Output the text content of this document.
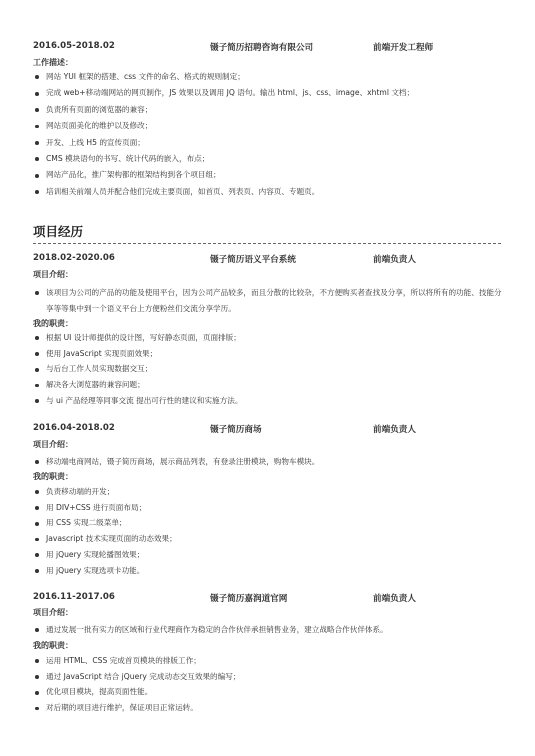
2016.05-2018.02	镊子简历招聘咨询有限公司	前端开发工程师
工作描述：
网站 YUI 框架的搭建、css 文件的命名、格式的规则制定；
完成 web+移动端网站的网页制作，JS 效果以及调用 JQ 语句。输出 html、js、css、image、xhtml 文档；
负责所有页面的浏览器的兼容；
网站页面美化的维护以及修改；
开发、上线 H5 的宣传页面；
CMS 模块语句的书写、统计代码的嵌入，布点；
网站产品化，推广架构都的框架结构到各个项目组；
培训相关前端人员并配合他们完成主要页面，如首页、列表页、内容页、专题页。
项目经历
2018.02-2020.06	镊子简历语义平台系统	前端负责人
项目介绍：
该项目为公司的产品的功能及使用平台，因为公司产品较多，而且分散的比较杂，不方便购买者查找及分享，所以将所有的功能、技能分享等等集中到一个语义平台上方便粉丝们交流分享学历。
我的职责：
根据 UI 设计师提供的设计图，写好静态页面，页面排版；
使用 JavaScript 实现页面效果；
与后台工作人员实现数据交互；
解决各大浏览器的兼容问题；
与 ui 产品经理等同事交流 提出可行性的建议和实施方法。
2016.04-2018.02	镊子简历商场	前端负责人
项目介绍：
移动端电商网站，镊子简历商场，展示商品列表，有登录注册模块，购物车模块。
我的职责：
负责移动端的开发；
用 DIV+CSS 进行页面布局；
用 CSS 实现二级菜单；
Javascript 技术实现页面的动态效果；
用 jQuery 实现轮播图效果；
用 jQuery 实现选项卡功能。
2016.11-2017.06	镊子简历嘉润道官网	前端负责人
项目介绍：
通过发展一批有实力的区域和行业代理商作为稳定的合作伙伴承担销售业务，建立战略合作伙伴体系。
我的职责：
运用 HTML、CSS 完成首页模块的排版工作；
通过 JavaScript 结合 jQuery 完成动态交互效果的编写；
优化项目模块，提高页面性能。
对后期的项目进行维护，保证项目正常运转。
